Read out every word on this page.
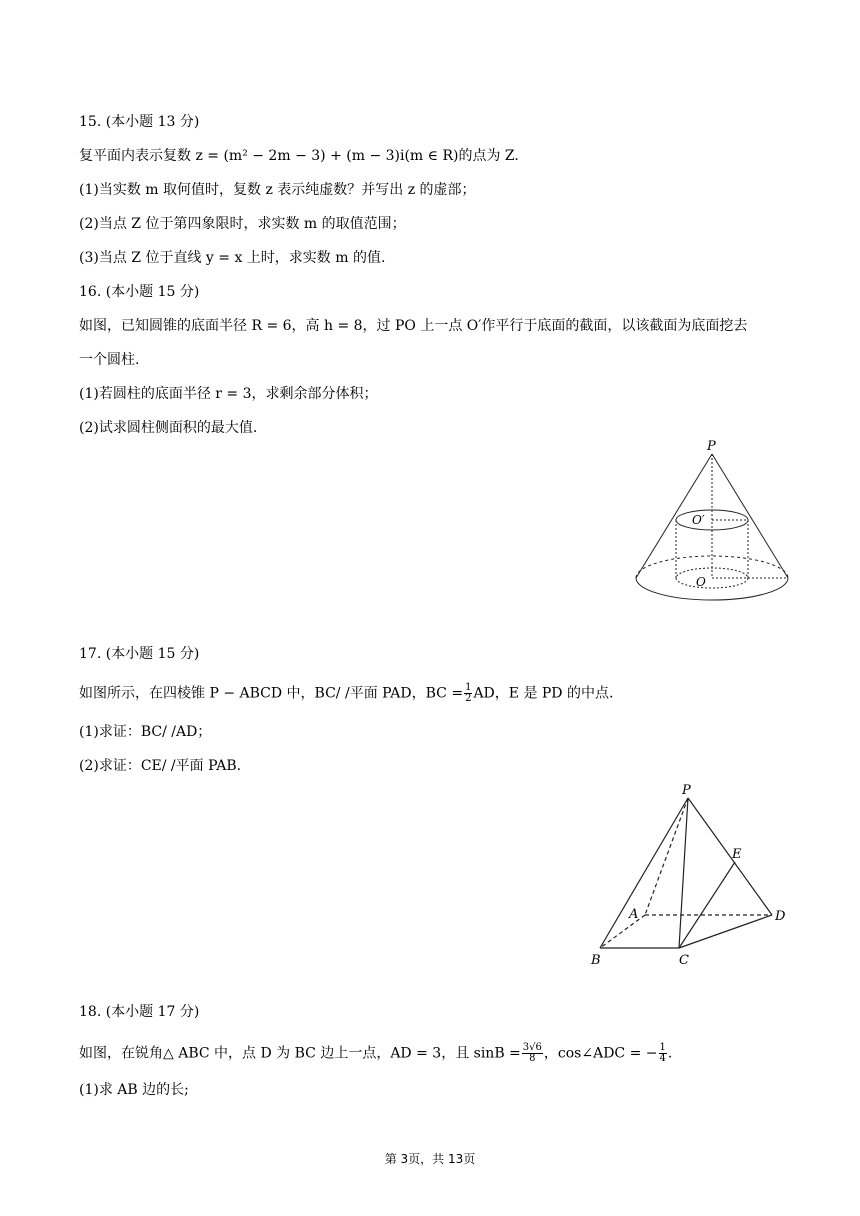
15. (本小题 13 分)
复平面内表示复数 z = (m² − 2m − 3) + (m − 3)i(m ∈ R)的点为 Z.
(1)当实数 m 取何值时，复数 z 表示纯虚数？并写出 z 的虚部；
(2)当点 Z 位于第四象限时，求实数 m 的取值范围；
(3)当点 Z 位于直线 y = x 上时，求实数 m 的值.
16. (本小题 15 分)
如图，已知圆锥的底面半径 R = 6，高 h = 8，过 PO 上一点 O′作平行于底面的截面，以该截面为底面挖去
一个圆柱.
(1)若圆柱的底面半径 r = 3，求剩余部分体积；
(2)试求圆柱侧面积的最大值.
P
O′
O
17. (本小题 15 分)
如图所示，在四棱锥 P − ABCD 中，BC/ /平面 PAD，BC = $\frac{1}{2}$ AD，E 是 PD 的中点.
(1)求证：BC/ /AD；
(2)求证：CE/ /平面 PAB.
P
E
A	D
B	C
18. (本小题 17 分)
如图，在锐角△ ABC 中，点 D 为 BC 边上一点，AD = 3，且 $\sin B = \frac{3√6}{8}$ ，cos∠ADC = − $\frac{1}{4}$ .
(1)求 AB 边的长;
第 3页，共 13页
